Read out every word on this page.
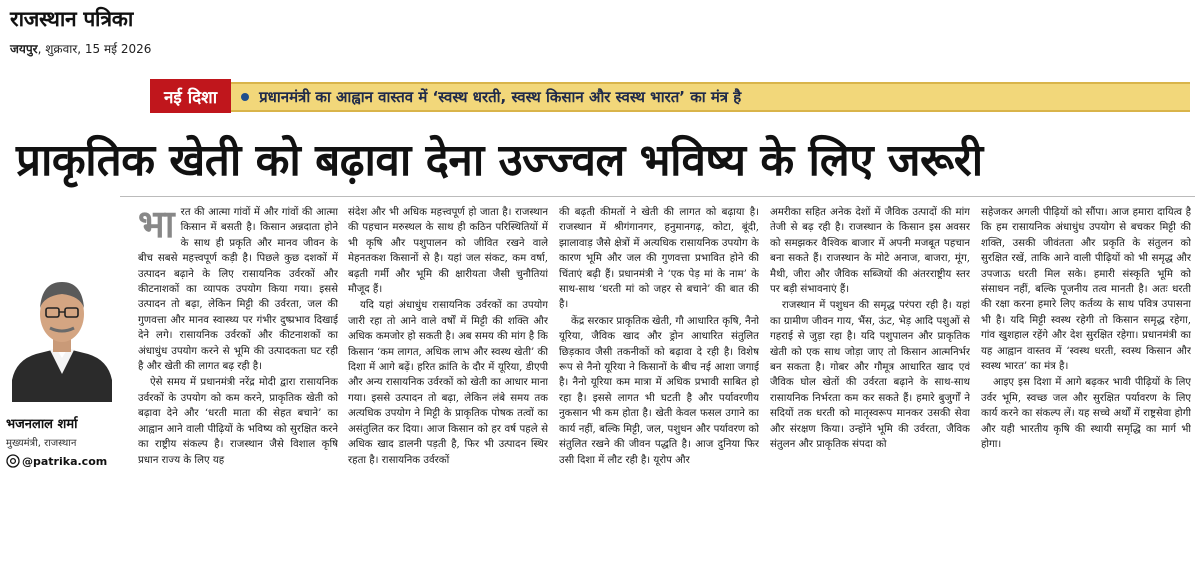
राजस्थान पत्रिका
जयपुर, शुक्रवार, 15 मई 2026
नई दिशा	प्रधानमंत्री का आह्वान वास्तव में ‘स्वस्थ धरती, स्वस्थ किसान और स्वस्थ भारत’ का मंत्र है
प्राकृतिक खेती को बढ़ावा देना उज्ज्वल भविष्य के लिए जरूरी
भजनलाल शर्मा
मुख्यमंत्री, राजस्थान
@patrika.com

भारत की आत्मा गांवों में और गांवों की आत्मा किसान में बसती है। किसान अन्नदाता होने के साथ ही प्रकृति और मानव जीवन के बीच सबसे महत्त्वपूर्ण कड़ी है। पिछले कुछ दशकों में उत्पादन बढ़ाने के लिए रासायनिक उर्वरकों और कीटनाशकों का व्यापक उपयोग किया गया। इससे उत्पादन तो बढ़ा, लेकिन मिट्टी की उर्वरता, जल की गुणवत्ता और मानव स्वास्थ्य पर गंभीर दुष्प्रभाव दिखाई देने लगे। रासायनिक उर्वरकों और कीटनाशकों का अंधाधुंध उपयोग करने से भूमि की उत्पादकता घट रही है और खेती की लागत बढ़ रही है।

ऐसे समय में प्रधानमंत्री नरेंद्र मोदी द्वारा रासायनिक उर्वरकों के उपयोग को कम करने, प्राकृतिक खेती को बढ़ावा देने और ‘धरती माता की सेहत बचाने’ का आह्वान आने वाली पीढ़ियों के भविष्य को सुरक्षित करने का राष्ट्रीय संकल्प है। राजस्थान जैसे विशाल कृषि प्रधान राज्य के लिए यह

संदेश और भी अधिक महत्त्वपूर्ण हो जाता है। राजस्थान की पहचान मरुस्थल के साथ ही कठिन परिस्थितियों में भी कृषि और पशुपालन को जीवित रखने वाले मेहनतकश किसानों से है। यहां जल संकट, कम वर्षा, बढ़ती गर्मी और भूमि की क्षारीयता जैसी चुनौतियां मौजूद हैं।

यदि यहां अंधाधुंध रासायनिक उर्वरकों का उपयोग जारी रहा तो आने वाले वर्षों में मिट्टी की शक्ति और अधिक कमजोर हो सकती है। अब समय की मांग है कि किसान ‘कम लागत, अधिक लाभ और स्वस्थ खेती’ की दिशा में आगे बढ़ें। हरित क्रांति के दौर में यूरिया, डीएपी और अन्य रासायनिक उर्वरकों को खेती का आधार माना गया। इससे उत्पादन तो बढ़ा, लेकिन लंबे समय तक अत्यधिक उपयोग ने मिट्टी के प्राकृतिक पोषक तत्वों का असंतुलित कर दिया। आज किसान को हर वर्ष पहले से अधिक खाद डालनी पड़ती है, फिर भी उत्पादन स्थिर रहता है। रासायनिक उर्वरकों

की बढ़ती कीमतों ने खेती की लागत को बढ़ाया है। राजस्थान में श्रीगंगानगर, हनुमानगढ़, कोटा, बूंदी, झालावाड़ जैसे क्षेत्रों में अत्यधिक रासायनिक उपयोग के कारण भूमि और जल की गुणवत्ता प्रभावित होने की चिंताएं बढ़ी हैं। प्रधानमंत्री ने ‘एक पेड़ मां के नाम’ के साथ-साथ ‘धरती मां को जहर से बचाने’ की बात की है।

केंद्र सरकार प्राकृतिक खेती, गौ आधारित कृषि, नैनो यूरिया, जैविक खाद और ड्रोन आधारित संतुलित छिड़काव जैसी तकनीकों को बढ़ावा दे रही है। विशेष रूप से नैनो यूरिया ने किसानों के बीच नई आशा जगाई है। नैनो यूरिया कम मात्रा में अधिक प्रभावी साबित हो रहा है। इससे लागत भी घटती है और पर्यावरणीय नुकसान भी कम होता है। खेती केवल फसल उगाने का कार्य नहीं, बल्कि मिट्टी, जल, पशुधन और पर्यावरण को संतुलित रखने की जीवन पद्धति है। आज दुनिया फिर उसी दिशा में लौट रही है। यूरोप और

अमरीका सहित अनेक देशों में जैविक उत्पादों की मांग तेजी से बढ़ रही है। राजस्थान के किसान इस अवसर को समझकर वैश्विक बाजार में अपनी मजबूत पहचान बना सकते हैं। राजस्थान के मोटे अनाज, बाजरा, मूंग, मैथी, जीरा और जैविक सब्जियों की अंतरराष्ट्रीय स्तर पर बड़ी संभावनाएं हैं।

राजस्थान में पशुधन की समृद्ध परंपरा रही है। यहां का ग्रामीण जीवन गाय, भैंस, ऊंट, भेड़ आदि पशुओं से गहराई से जुड़ा रहा है। यदि पशुपालन और प्राकृतिक खेती को एक साथ जोड़ा जाए तो किसान आत्मनिर्भर बन सकता है। गोबर और गौमूत्र आधारित खाद एवं जैविक घोल खेतों की उर्वरता बढ़ाने के साथ-साथ रासायनिक निर्भरता कम कर सकते हैं। हमारे बुजुर्गों ने सदियों तक धरती को मातृस्वरूप मानकर उसकी सेवा और संरक्षण किया। उन्होंने भूमि की उर्वरता, जैविक संतुलन और प्राकृतिक संपदा को

सहेजकर अगली पीढ़ियों को सौंपा। आज हमारा दायित्व है कि हम रासायनिक अंधाधुंध उपयोग से बचकर मिट्टी की शक्ति, उसकी जीवंतता और प्रकृति के संतुलन को सुरक्षित रखें, ताकि आने वाली पीढ़ियों को भी समृद्ध और उपजाऊ धरती मिल सके। हमारी संस्कृति भूमि को संसाधन नहीं, बल्कि पूजनीय तत्व मानती है। अतः धरती की रक्षा करना हमारे लिए कर्तव्य के साथ पवित्र उपासना भी है। यदि मिट्टी स्वस्थ रहेगी तो किसान समृद्ध रहेगा, गांव खुशहाल रहेंगे और देश सुरक्षित रहेगा। प्रधानमंत्री का यह आह्वान वास्तव में ‘स्वस्थ धरती, स्वस्थ किसान और स्वस्थ भारत’ का मंत्र है।

आइए इस दिशा में आगे बढ़कर भावी पीढ़ियों के लिए उर्वर भूमि, स्वच्छ जल और सुरक्षित पर्यावरण के लिए कार्य करने का संकल्प लें। यह सच्चे अर्थों में राष्ट्रसेवा होगी और यही भारतीय कृषि की स्थायी समृद्धि का मार्ग भी होगा।
